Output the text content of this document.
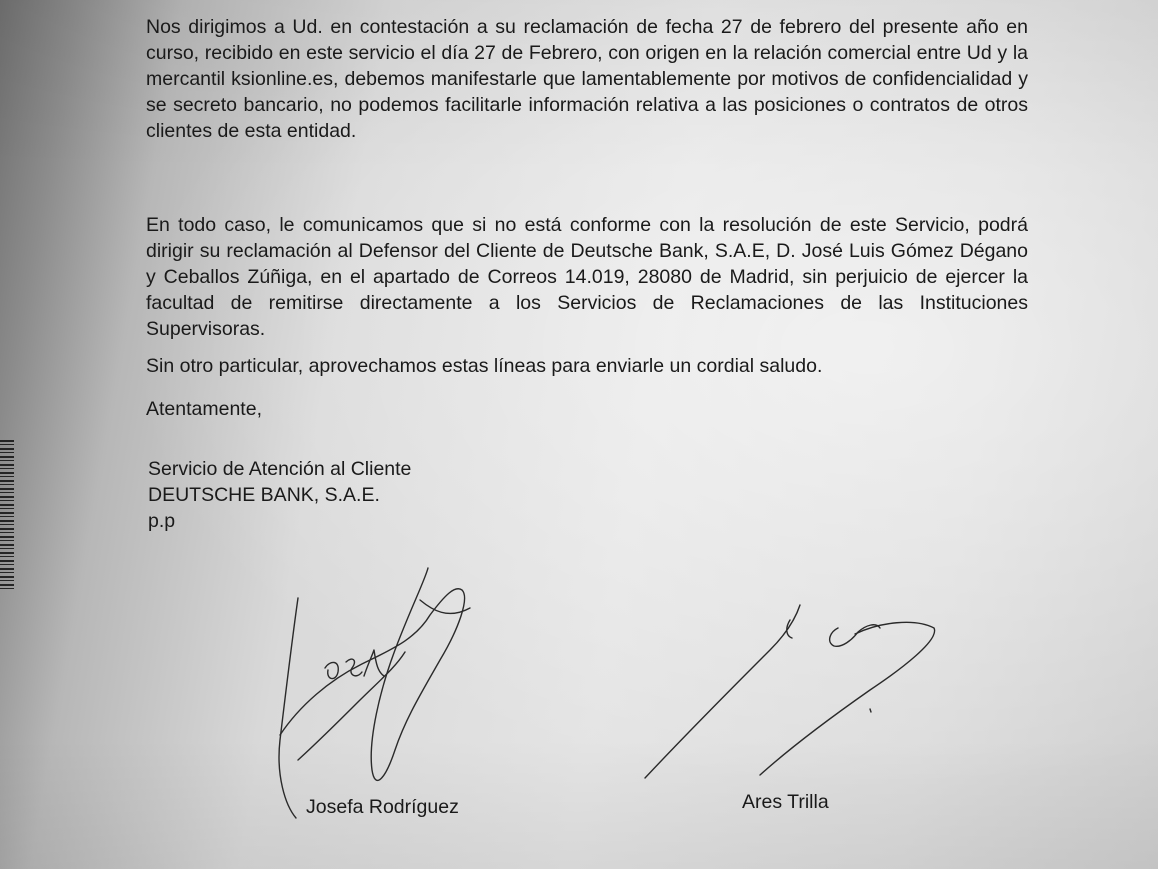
Nos dirigimos a Ud. en contestación a su reclamación de fecha 27 de febrero del presente año en curso, recibido en este servicio el día 27 de Febrero, con origen en la relación comercial entre Ud y la mercantil ksionline.es, debemos manifestarle que lamentablemente por motivos de confidencialidad y se secreto bancario, no podemos facilitarle información relativa a las posiciones o contratos de otros clientes de esta entidad.

En todo caso, le comunicamos que si no está conforme con la resolución de este Servicio, podrá dirigir su reclamación al Defensor del Cliente de Deutsche Bank, S.A.E, D. José Luis Gómez Dégano y Ceballos Zúñiga, en el apartado de Correos 14.019, 28080 de Madrid, sin perjuicio de ejercer la facultad de remitirse directamente a los Servicios de Reclamaciones de las Instituciones Supervisoras.

Sin otro particular, aprovechamos estas líneas para enviarle un cordial saludo.

Atentamente,

Servicio de Atención al Cliente
DEUTSCHE BANK, S.A.E.
p.p
Josefa Rodríguez	Ares Trilla
